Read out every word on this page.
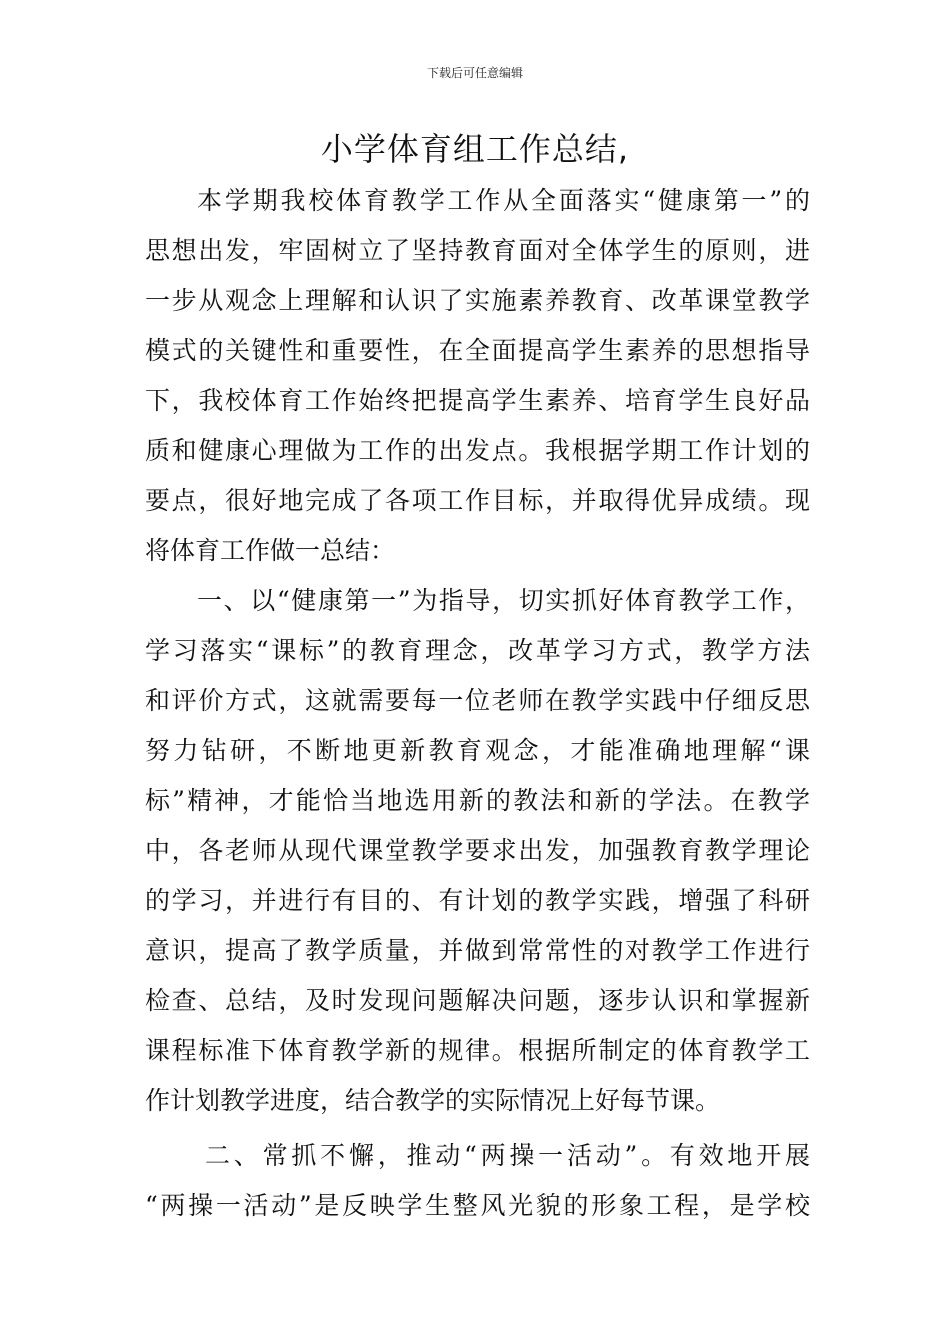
下载后可任意编辑
小学体育组工作总结,
本学期我校体育教学工作从全面落实“健康第一”的
思想出发，牢固树立了坚持教育面对全体学生的原则，进
一步从观念上理解和认识了实施素养教育、改革课堂教学
模式的关键性和重要性，在全面提高学生素养的思想指导
下，我校体育工作始终把提高学生素养、培育学生良好品
质和健康心理做为工作的出发点。我根据学期工作计划的
要点，很好地完成了各项工作目标，并取得优异成绩。现
将体育工作做一总结：
一、以“健康第一”为指导，切实抓好体育教学工作，
学习落实“课标”的教育理念，改革学习方式，教学方法
和评价方式，这就需要每一位老师在教学实践中仔细反思
努力钻研，不断地更新教育观念，才能准确地理解“课
标”精神，才能恰当地选用新的教法和新的学法。在教学
中，各老师从现代课堂教学要求出发，加强教育教学理论
的学习，并进行有目的、有计划的教学实践，增强了科研
意识，提高了教学质量，并做到常常性的对教学工作进行
检查、总结，及时发现问题解决问题，逐步认识和掌握新
课程标准下体育教学新的规律。根据所制定的体育教学工
作计划教学进度，结合教学的实际情况上好每节课。
二、常抓不懈，推动“两操一活动”。有效地开展
“两操一活动”是反映学生整风光貌的形象工程，是学校
